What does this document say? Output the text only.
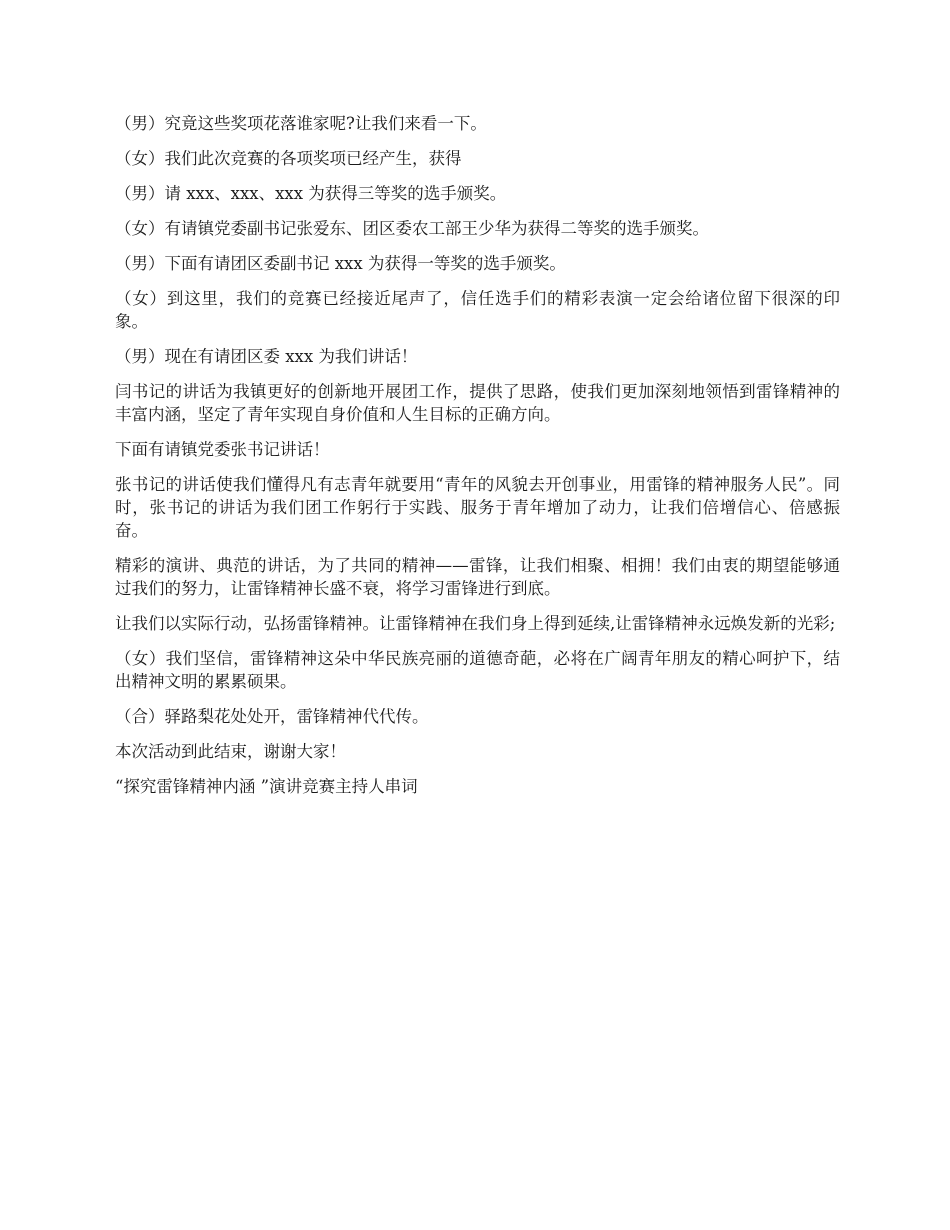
（男）究竟这些奖项花落谁家呢?让我们来看一下。

（女）我们此次竞赛的各项奖项已经产生，获得

（男）请 xxx、xxx、xxx 为获得三等奖的选手颁奖。

（女）有请镇党委副书记张爱东、团区委农工部王少华为获得二等奖的选手颁奖。

（男）下面有请团区委副书记 xxx 为获得一等奖的选手颁奖。

（女）到这里，我们的竞赛已经接近尾声了，信任选手们的精彩表演一定会给诸位留下很深的印象。

（男）现在有请团区委 xxx 为我们讲话！

闫书记的讲话为我镇更好的创新地开展团工作，提供了思路，使我们更加深刻地领悟到雷锋精神的丰富内涵，坚定了青年实现自身价值和人生目标的正确方向。

下面有请镇党委张书记讲话！

张书记的讲话使我们懂得凡有志青年就要用“青年的风貌去开创事业，用雷锋的精神服务人民”。同时，张书记的讲话为我们团工作躬行于实践、服务于青年增加了动力，让我们倍增信心、倍感振奋。

精彩的演讲、典范的讲话，为了共同的精神——雷锋，让我们相聚、相拥！我们由衷的期望能够通过我们的努力，让雷锋精神长盛不衰，将学习雷锋进行到底。

让我们以实际行动，弘扬雷锋精神。让雷锋精神在我们身上得到延续,让雷锋精神永远焕发新的光彩;

（女）我们坚信，雷锋精神这朵中华民族亮丽的道德奇葩，必将在广阔青年朋友的精心呵护下，结出精神文明的累累硕果。

（合）驿路梨花处处开，雷锋精神代代传。

本次活动到此结束，谢谢大家！

“探究雷锋精神内涵 ”演讲竞赛主持人串词
